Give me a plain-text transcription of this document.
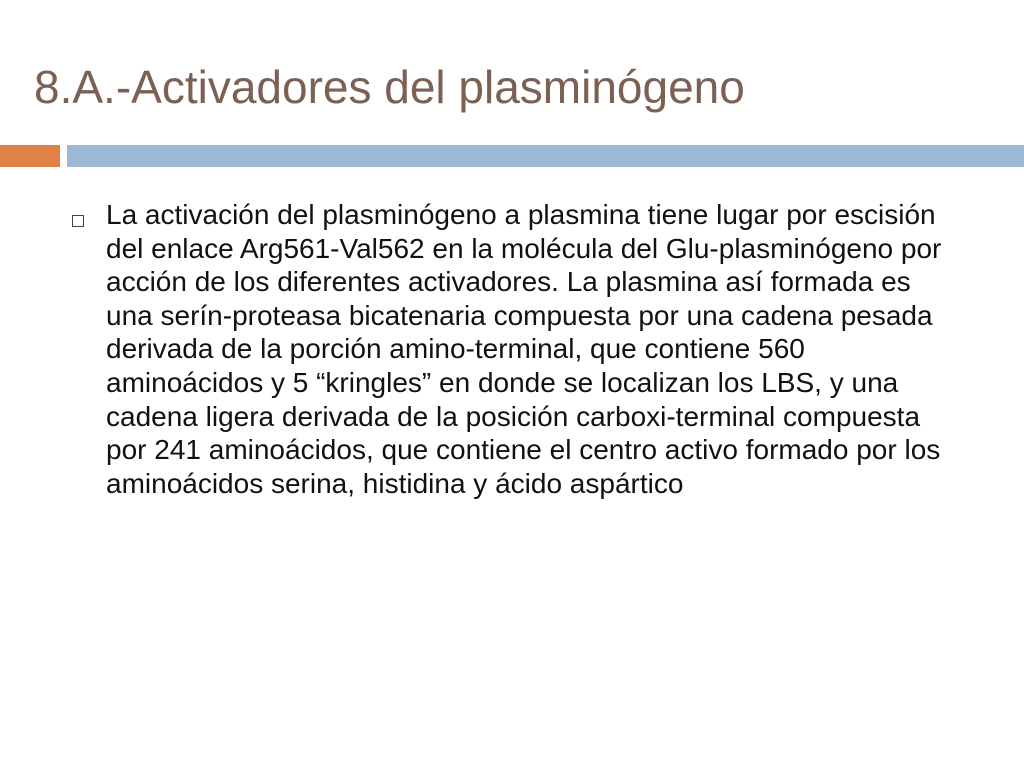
8.A.-Activadores del plasminógeno

La activación del plasminógeno a plasmina tiene lugar por escisión del enlace Arg561-Val562 en la molécula del Glu-plasminógeno por acción de los diferentes activadores. La plasmina así formada es una serín-proteasa bicatenaria compuesta por una cadena pesada derivada de la porción amino-terminal, que contiene 560 aminoácidos y 5 “kringles” en donde se localizan los LBS, y una cadena ligera derivada de la posición carboxi-terminal compuesta por 241 aminoácidos, que contiene el centro activo formado por los aminoácidos serina, histidina y ácido aspártico
